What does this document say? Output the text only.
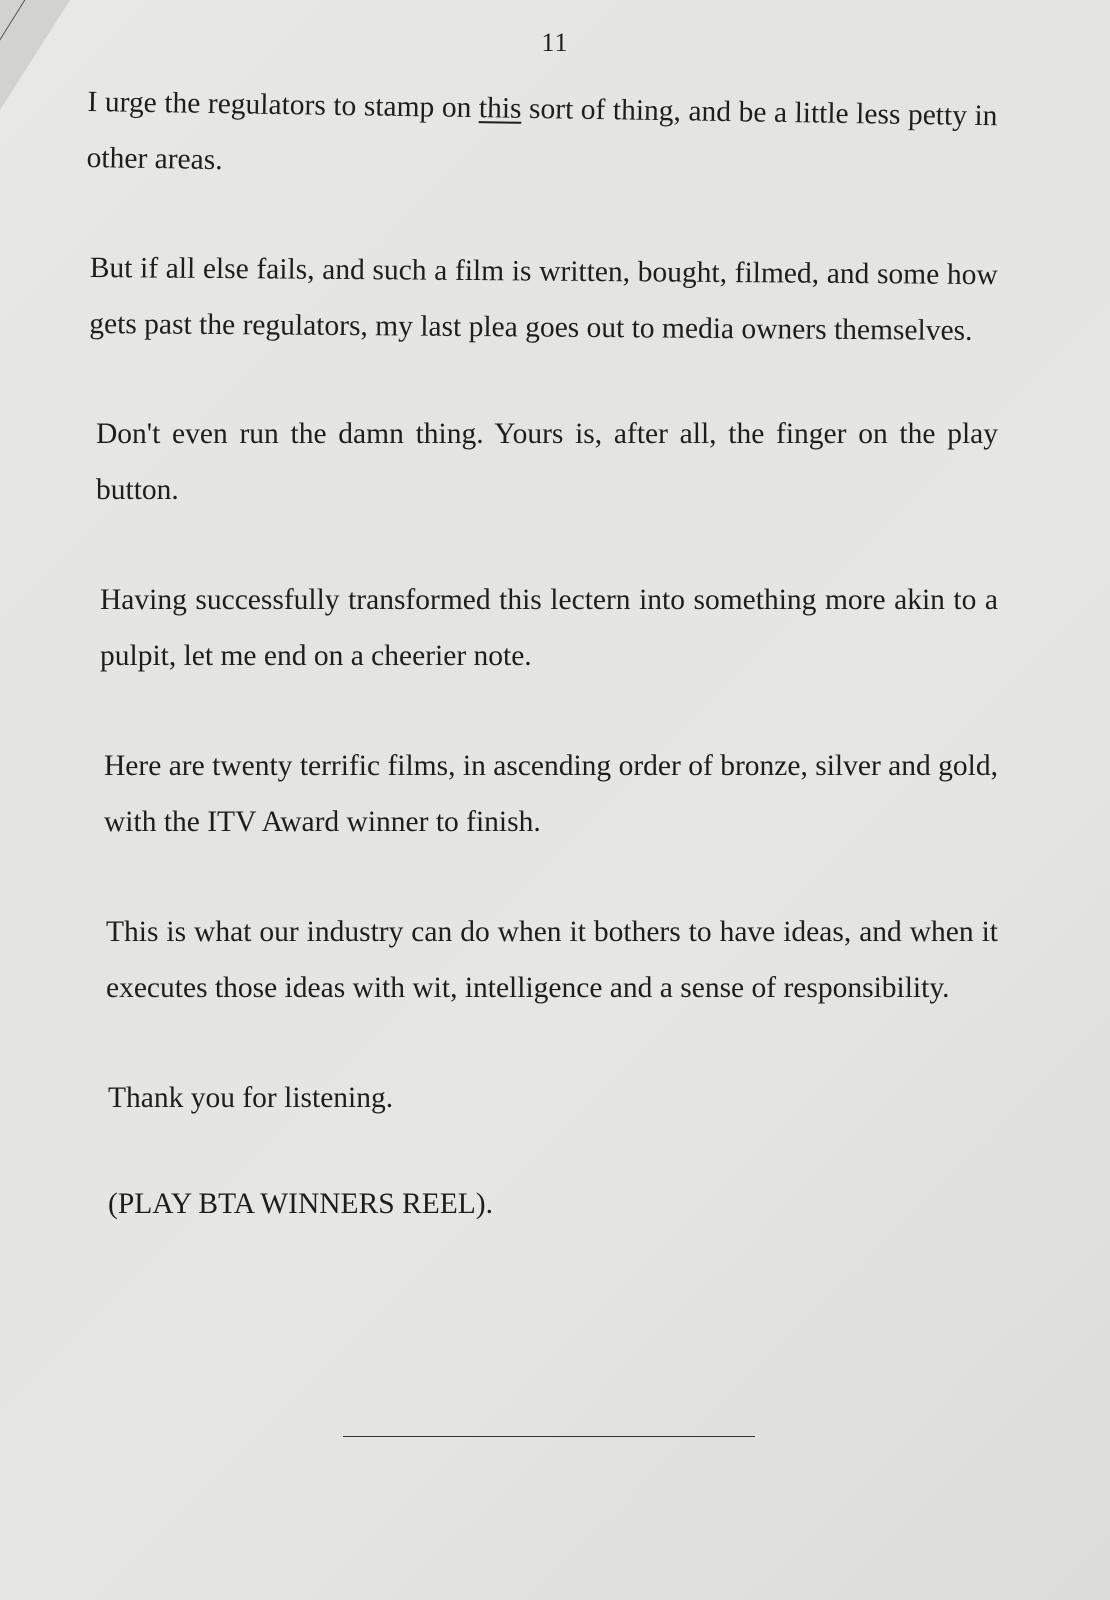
11

I urge the regulators to stamp on this sort of thing, and be a little less petty in other areas.

But if all else fails, and such a film is written, bought, filmed, and some how gets past the regulators, my last plea goes out to media owners themselves.

Don't even run the damn thing. Yours is, after all, the finger on the play button.

Having successfully transformed this lectern into something more akin to a pulpit, let me end on a cheerier note.

Here are twenty terrific films, in ascending order of bronze, silver and gold, with the ITV Award winner to finish.

This is what our industry can do when it bothers to have ideas, and when it executes those ideas with wit, intelligence and a sense of responsibility.

Thank you for listening.

(PLAY BTA WINNERS REEL).
